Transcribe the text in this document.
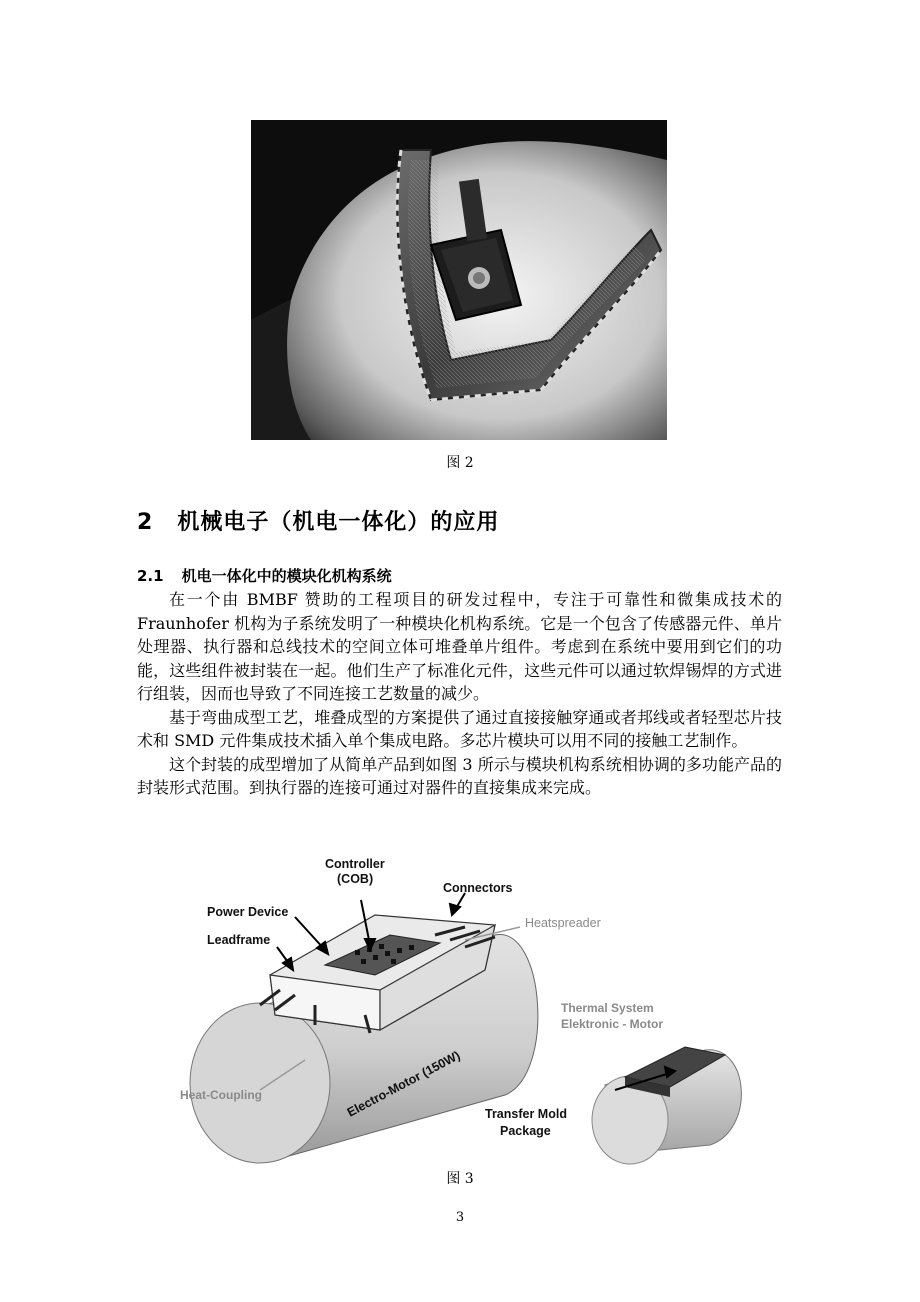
图 2
2 机械电子（机电一体化）的应用
2.1 机电一体化中的模块化机构系统

在一个由 BMBF 赞助的工程项目的研发过程中，专注于可靠性和微集成技术的 Fraunhofer 机构为子系统发明了一种模块化机构系统。它是一个包含了传感器元件、单片处理器、执行器和总线技术的空间立体可堆叠单片组件。考虑到在系统中要用到它们的功能，这些组件被封装在一起。他们生产了标准化元件，这些元件可以通过软焊锡焊的方式进行组装，因而也导致了不同连接工艺数量的减少。

基于弯曲成型工艺，堆叠成型的方案提供了通过直接接触穿通或者邦线或者轻型芯片技术和 SMD 元件集成技术插入单个集成电路。多芯片模块可以用不同的接触工艺制作。

这个封装的成型增加了从简单产品到如图 3 所示与模块机构系统相协调的多功能产品的封装形式范围。到执行器的连接可通过对器件的直接集成来完成。

Controller
(COB)
Connectors
Power Device
Heatspreader
Leadframe
Electro-Motor (150W)
Heat-Coupling
Thermal System
Elektronic - Motor
Transfer Mold
Package
图 3
3
